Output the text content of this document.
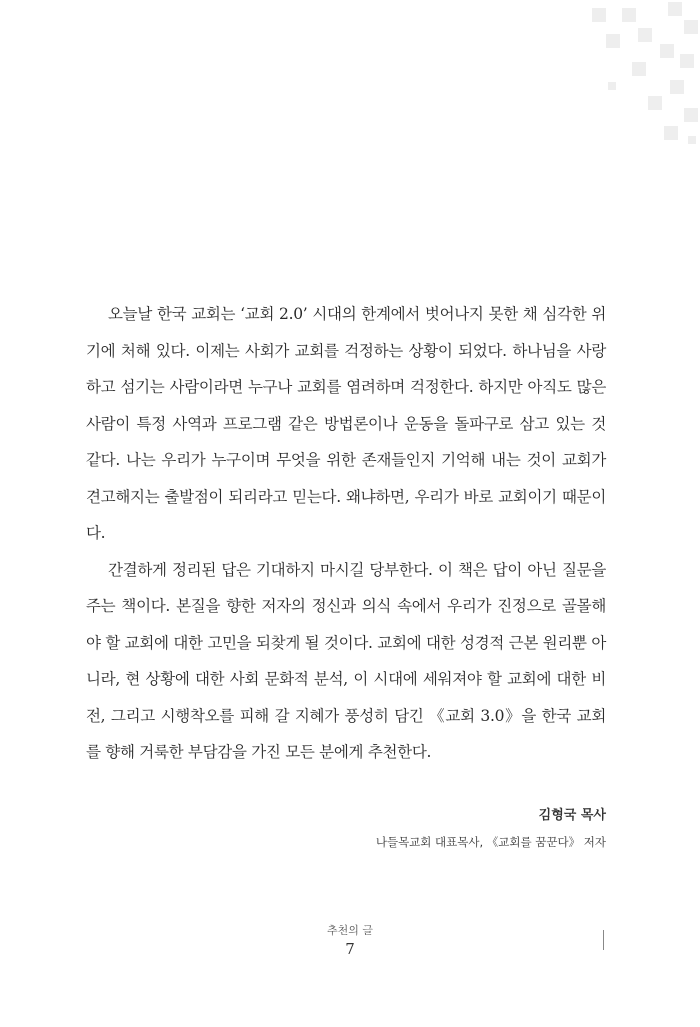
오늘날 한국 교회는 ‘교회 2.0’ 시대의 한계에서 벗어나지 못한 채 심각한 위기에 처해 있다. 이제는 사회가 교회를 걱정하는 상황이 되었다. 하나님을 사랑하고 섬기는 사람이라면 누구나 교회를 염려하며 걱정한다. 하지만 아직도 많은 사람이 특정 사역과 프로그램 같은 방법론이나 운동을 돌파구로 삼고 있는 것 같다. 나는 우리가 누구이며 무엇을 위한 존재들인지 기억해 내는 것이 교회가 견고해지는 출발점이 되리라고 믿는다. 왜냐하면, 우리가 바로 교회이기 때문이다.

간결하게 정리된 답은 기대하지 마시길 당부한다. 이 책은 답이 아닌 질문을 주는 책이다. 본질을 향한 저자의 정신과 의식 속에서 우리가 진정으로 골몰해야 할 교회에 대한 고민을 되찾게 될 것이다. 교회에 대한 성경적 근본 원리뿐 아니라, 현 상황에 대한 사회 문화적 분석, 이 시대에 세워져야 할 교회에 대한 비전, 그리고 시행착오를 피해 갈 지혜가 풍성히 담긴 《교회 3.0》을 한국 교회를 향해 거룩한 부담감을 가진 모든 분에게 추천한다.

김형국 목사
나들목교회 대표목사, 《교회를 꿈꾼다》 저자
추천의 글
7
